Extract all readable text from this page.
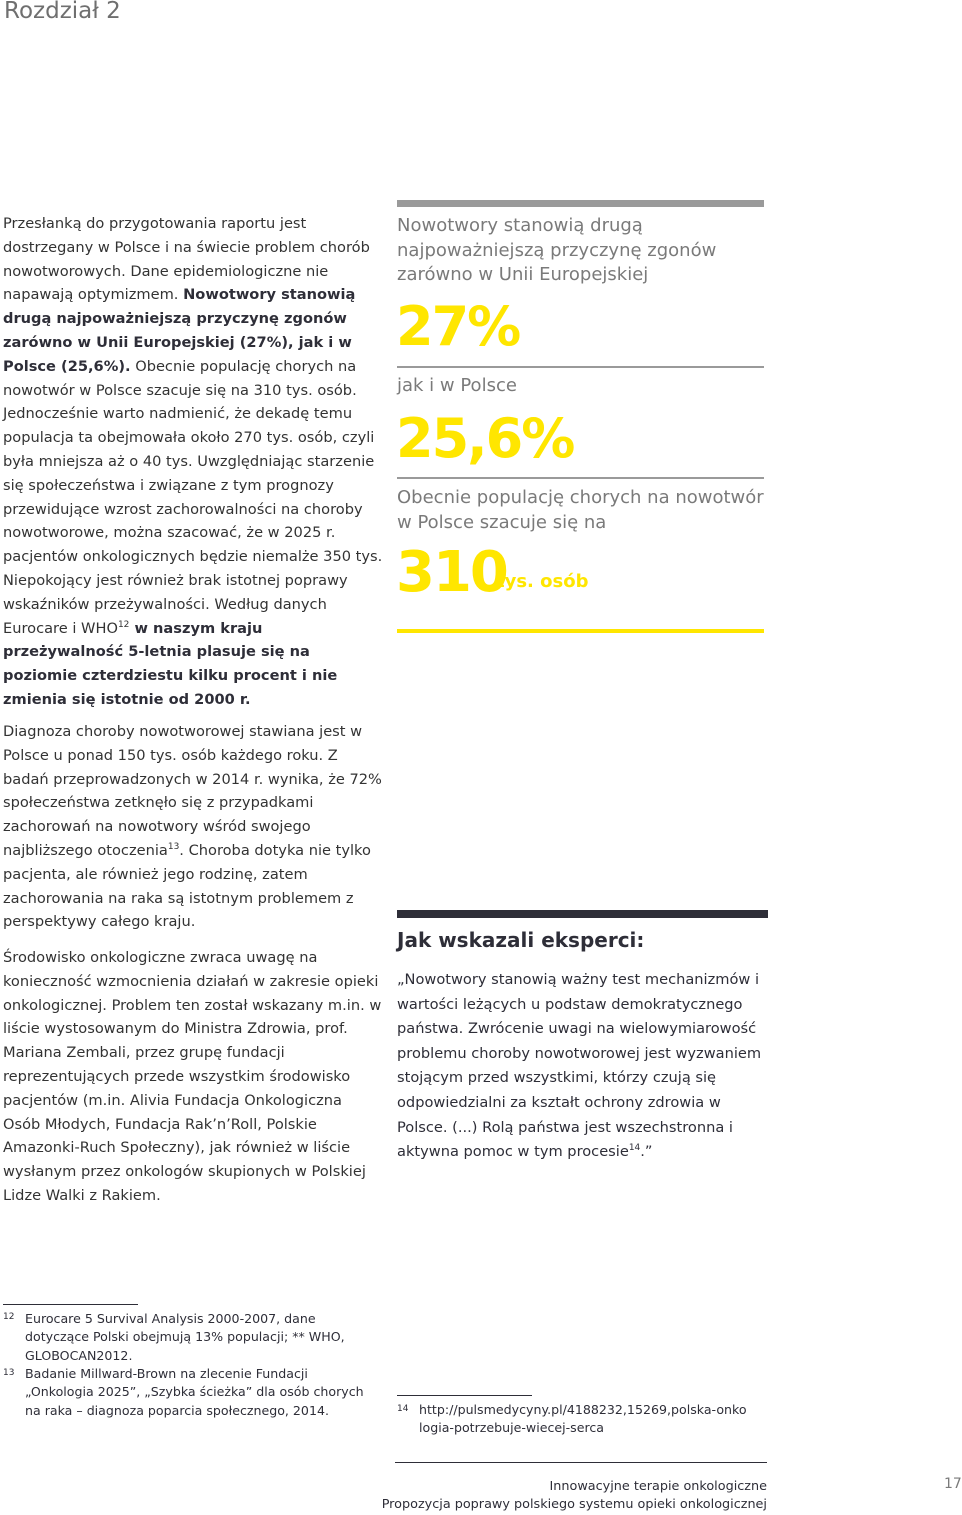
Rozdział 2
Przesłanką do przygotowania raportu jest dostrzegany w Polsce i na świecie problem chorób nowotworowych. Dane epidemiologiczne nie napawają optymizmem. Nowotwory stanowią drugą najpoważniejszą przyczynę zgonów zarówno w Unii Europejskiej (27%), jak i w Polsce (25,6%). Obecnie populację chorych na nowotwór w Polsce szacuje się na 310 tys. osób. Jednocześnie warto nadmienić, że dekadę temu populacja ta obejmowała około 270 tys. osób, czyli była mniejsza aż o 40 tys. Uwzględniając starzenie się społeczeństwa i związane z tym prognozy przewidujące wzrost zachorowalności na choroby nowotworowe, można szacować, że w 2025 r. pacjentów onkologicznych będzie niemalże 350 tys. Niepokojący jest również brak istotnej poprawy wskaźników przeżywalności. Według danych Eurocare i WHO$^{12}$ w naszym kraju przeżywalność 5-letnia plasuje się na poziomie czterdziestu kilku procent i nie zmienia się istotnie od 2000 r.
Diagnoza choroby nowotworowej stawiana jest w Polsce u ponad 150 tys. osób każdego roku. Z badań przeprowadzonych w 2014 r. wynika, że 72% społeczeństwa zetknęło się z przypadkami zachorowań na nowotwory wśród swojego najbliższego otoczenia$^{13}$. Choroba dotyka nie tylko pacjenta, ale również jego rodzinę, zatem zachorowania na raka są istotnym problemem z perspektywy całego kraju.
Środowisko onkologiczne zwraca uwagę na konieczność wzmocnienia działań w zakresie opieki onkologicznej. Problem ten został wskazany m.in. w liście wystosowanym do Ministra Zdrowia, prof. Mariana Zembali, przez grupę fundacji reprezentujących przede wszystkim środowisko pacjentów (m.in. Alivia Fundacja Onkologiczna Osób Młodych, Fundacja Rak’n’Roll, Polskie Amazonki-Ruch Społeczny), jak również w liście wysłanym przez onkologów skupionych w Polskiej Lidze Walki z Rakiem.
Nowotwory stanowią drugą najpoważniejszą przyczynę zgonów zarówno w Unii Europejskiej
27%
jak i w Polsce
25,6%
Obecnie populację chorych na nowotwór w Polsce szacuje się na
310
tys. osób
Jak wskazali eksperci:
„Nowotwory stanowią ważny test mechanizmów i wartości leżących u podstaw demokratycznego państwa. Zwrócenie uwagi na wielowymiarowość problemu choroby nowotworowej jest wyzwaniem stojącym przed wszystkimi, którzy czują się odpowiedzialni za kształt ochrony zdrowia w Polsce. (...) Rolą państwa jest wszechstronna i aktywna pomoc w tym procesie$^{14}$.”
12 Eurocare 5 Survival Analysis 2000-2007, dane dotyczące Polski obejmują 13% populacji; ** WHO, GLOBOCAN2012.
13 Badanie Millward-Brown na zlecenie Fundacji „Onkologia 2025”, „Szybka ścieżka” dla osób chorych na raka – diagnoza poparcia społecznego, 2014.	14 http://pulsmedycyny.pl/4188232,15269,polska-onkologia-potrzebuje-wiecej-serca
Innowacyjne terapie onkologiczne
Propozycja poprawy polskiego systemu opieki onkologicznej
17
